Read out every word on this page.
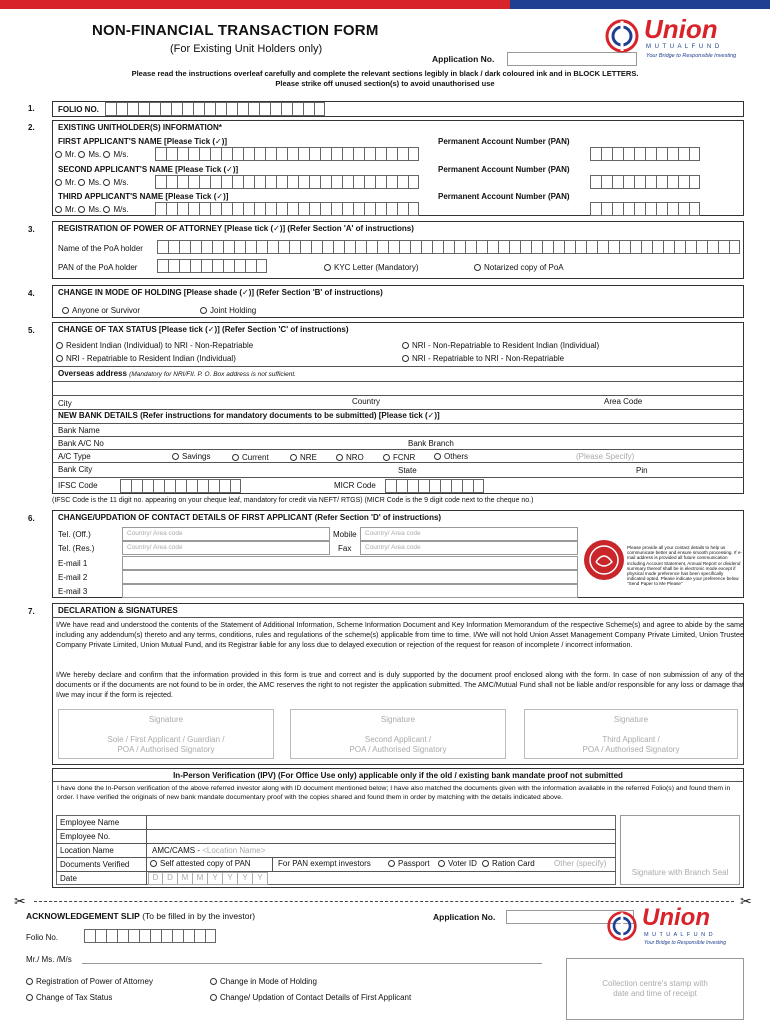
NON-FINANCIAL TRANSACTION FORM
(For Existing Unit Holders only)
Application No.
Union
M U T U A L F U N D
Your Bridge to Responsible Investing
Please read the instructions overleaf carefully and complete the relevant sections legibly in black / dark coloured ink and in BLOCK LETTERS.
Please strike off unused section(s) to avoid unauthorised use
1.	FOLIO NO.
2.	EXISTING UNITHOLDER(S) INFORMATION*
FIRST APPLICANT'S NAME [Please Tick (✓)]	Permanent Account Number (PAN)
Mr. Ms. M/s.
SECOND APPLICANT'S NAME [Please Tick (✓)]	Permanent Account Number (PAN)
Mr. Ms. M/s.
THIRD APPLICANT'S NAME [Please Tick (✓)]	Permanent Account Number (PAN)
Mr. Ms. M/s.
3.	REGISTRATION OF POWER OF ATTORNEY [Please tick (✓)] (Refer Section 'A' of instructions)
Name of the PoA holder
PAN of the PoA holder	KYC Letter (Mandatory)	Notarized copy of PoA
4.	CHANGE IN MODE OF HOLDING [Please shade (✓)] (Refer Section 'B' of instructions)
Anyone or Survivor	Joint Holding
5.	CHANGE OF TAX STATUS [Please tick (✓)] (Refer Section 'C' of instructions)
Resident Indian (Individual) to NRI - Non-Repatriable
NRI - Repatriable to Resident Indian (Individual)
NRI - Non-Repatriable to Resident Indian (Individual)
NRI - Repatriable to NRI - Non-Repatriable
Overseas address (Mandatory for NRI/FII. P. O. Box address is not sufficient.
City	Country	Area Code
NEW BANK DETAILS (Refer instructions for mandatory documents to be submitted) [Please tick (✓)]
Bank Name
Bank A/C No	Bank Branch
A/C Type	Savings	Current	NRE	NRO	FCNR	Others	(Please Specify)
Bank City	State	Pin
IFSC Code	MICR Code
(IFSC Code is the 11 digit no. appearing on your cheque leaf, mandatory for credit via NEFT/ RTGS) (MICR Code is the 9 digit code next to the cheque no.)
6.	CHANGE/UPDATION OF CONTACT DETAILS OF FIRST APPLICANT (Refer Section 'D' of instructions)
Tel. (Off.)	Country/ Area code	Mobile Country/ Area code
Tel. (Res.)	Country/ Area code	Fax Country/ Area code
E-mail 1
E-mail 2
E-mail 3
Please provide all your contact details to help us communicate better and ensure smooth processing. If e-mail address is provided all future communication including Account Statement, Annual Report or dividend summary thereof shall be in electronic mode except if physical mode preference has been specifically indicated opted. Please indicate your preference below "Send Paper to Me Please"
7.	DECLARATION & SIGNATURES
I/We have read and understood the contents of the Statement of Additional Information, Scheme Information Document and Key Information Memorandum of the respective Scheme(s) and agree to abide by the same including any addendum(s) thereto and any terms, conditions, rules and regulations of the scheme(s) applicable from time to time. I/We will not hold Union Asset Management Company Private Limited, Union Trustee Company Private Limited, Union Mutual Fund, and its Registrar liable for any loss due to delayed execution or rejection of the request for reason of incomplete / incorrect information.
I/We hereby declare and confirm that the information provided in this form is true and correct and is duly supported by the document proof enclosed along with the form. In case of non submission of any of the documents or if the documents are not found to be in order, the AMC reserves the right to not register the application submitted. The AMC/Mutual Fund shall not be liable and/or responsible for any loss or damage that I/we may incur if the form is rejected.
Signature
Sole / First Applicant / Guardian /
POA / Authorised Signatory
Signature
Second Applicant /
POA / Authorised Signatory
Signature
Third Applicant /
POA / Authorised Signatory
In-Person Verification (IPV) (For Office Use only) applicable only if the old / existing bank mandate proof not submitted
I have done the In-Person verification of the above referred investor along with ID document mentioned below; I have also matched the documents given with the information available in the referred Folio(s) and found them in order. I have verified the originals of new bank mandate documentary proof with the copies shared and found them in order by matching with the details indicated above.
Employee Name
Employee No.
Location Name	AMC/CAMS - <Location Name>
Documents Verified	Self attested copy of PAN	For PAN exempt investors	Passport	Voter ID	Ration Card Other (specify)
Date	D	D	M	M	Y	Y	Y	Y
Signature with Branch Seal
✂	✂
ACKNOWLEDGEMENT SLIP (To be filled in by the investor)	Application No.	Union
M U T U A L F U N D
Your Bridge to Responsible Investing
Folio No.
Mr./ Ms. /M/s
Registration of Power of Attorney
Change of Tax Status
Change in Mode of Holding
Change/ Updation of Contact Details of First Applicant
Collection centre's stamp with
date and time of receipt
